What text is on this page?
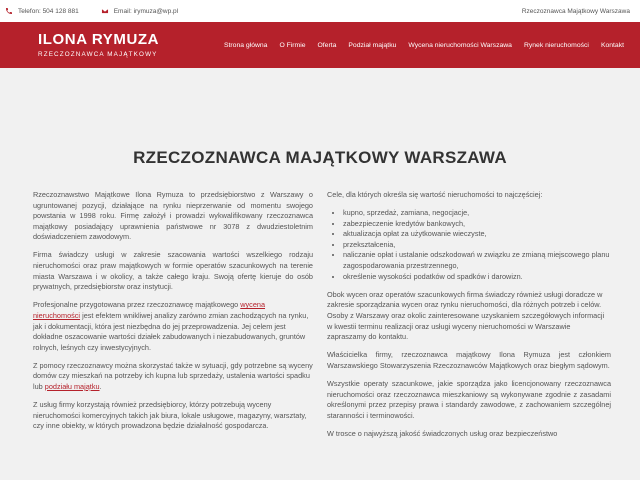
Telefon: 504 128 881	Email: irymuza@wp.pl	Rzeczoznawca Majątkowy Warszawa
ILONA RYMUZA
RZECZOZNAWCA MAJĄTKOWY
Strona główna	O Firmie	Oferta	Podział majątku	Wycena nieruchomości Warszawa	Rynek nieruchomości	Kontakt
RZECZOZNAWCA MAJĄTKOWY WARSZAWA

Rzeczoznawstwo Majątkowe Ilona Rymuza to przedsiębiorstwo z Warszawy o ugruntowanej pozycji, działające na rynku nieprzerwanie od momentu swojego powstania w 1998 roku. Firmę założył i prowadzi wykwalifikowany rzeczoznawca majątkowy posiadający uprawnienia państwowe nr 3078 z dwudziestoletnim doświadczeniem zawodowym.

Firma świadczy usługi w zakresie szacowania wartości wszelkiego rodzaju nieruchomości oraz praw majątkowych w formie operatów szacunkowych na terenie miasta Warszawa i w okolicy, a także całego kraju. Swoją ofertę kieruje do osób prywatnych, przedsiębiorstw oraz instytucji.

Profesjonalne przygotowana przez rzeczoznawcę majątkowego wycena nieruchomości jest efektem wnikliwej analizy zarówno zmian zachodzących na rynku, jak i dokumentacji, która jest niezbędna do jej przeprowadzenia. Jej celem jest dokładne oszacowanie wartości działek zabudowanych i niezabudowanych, gruntów rolnych, leśnych czy inwestycyjnych.

Z pomocy rzeczoznawcy można skorzystać także w sytuacji, gdy potrzebne są wyceny domów czy mieszkań na potrzeby ich kupna lub sprzedaży, ustalenia wartości spadku lub podziału majątku.

Z usług firmy korzystają również przedsiębiorcy, którzy potrzebują wyceny nieruchomości komercyjnych takich jak biura, lokale usługowe, magazyny, warsztaty, czy inne obiekty, w których prowadzona będzie działalność gospodarcza.

Cele, dla których określa się wartość nieruchomości to najczęściej:

• kupno, sprzedaż, zamiana, negocjacje,
• zabezpieczenie kredytów bankowych,
• aktualizacja opłat za użytkowanie wieczyste,
• przekształcenia,
• naliczanie opłat i ustalanie odszkodowań w związku ze zmianą miejscowego planu zagospodarowania przestrzennego,
• określenie wysokości podatków od spadków i darowizn.

Obok wycen oraz operatów szacunkowych firma świadczy również usługi doradcze w zakresie sporządzania wycen oraz rynku nieruchomości, dla różnych potrzeb i celów. Osoby z Warszawy oraz okolic zainteresowane uzyskaniem szczegółowych informacji w kwestii terminu realizacji oraz usługi wyceny nieruchomości w Warszawie zapraszamy do kontaktu.

Właścicielka firmy, rzeczoznawca majątkowy Ilona Rymuza jest członkiem Warszawskiego Stowarzyszenia Rzeczoznawców Majątkowych oraz biegłym sądowym.

Wszystkie operaty szacunkowe, jakie sporządza jako licencjonowany rzeczoznawca nieruchomości oraz rzeczoznawca mieszkaniowy są wykonywane zgodnie z zasadami określonymi przez przepisy prawa i standardy zawodowe, z zachowaniem szczególnej staranności i terminowości.

W trosce o najwyższą jakość świadczonych usług oraz bezpieczeństwo
